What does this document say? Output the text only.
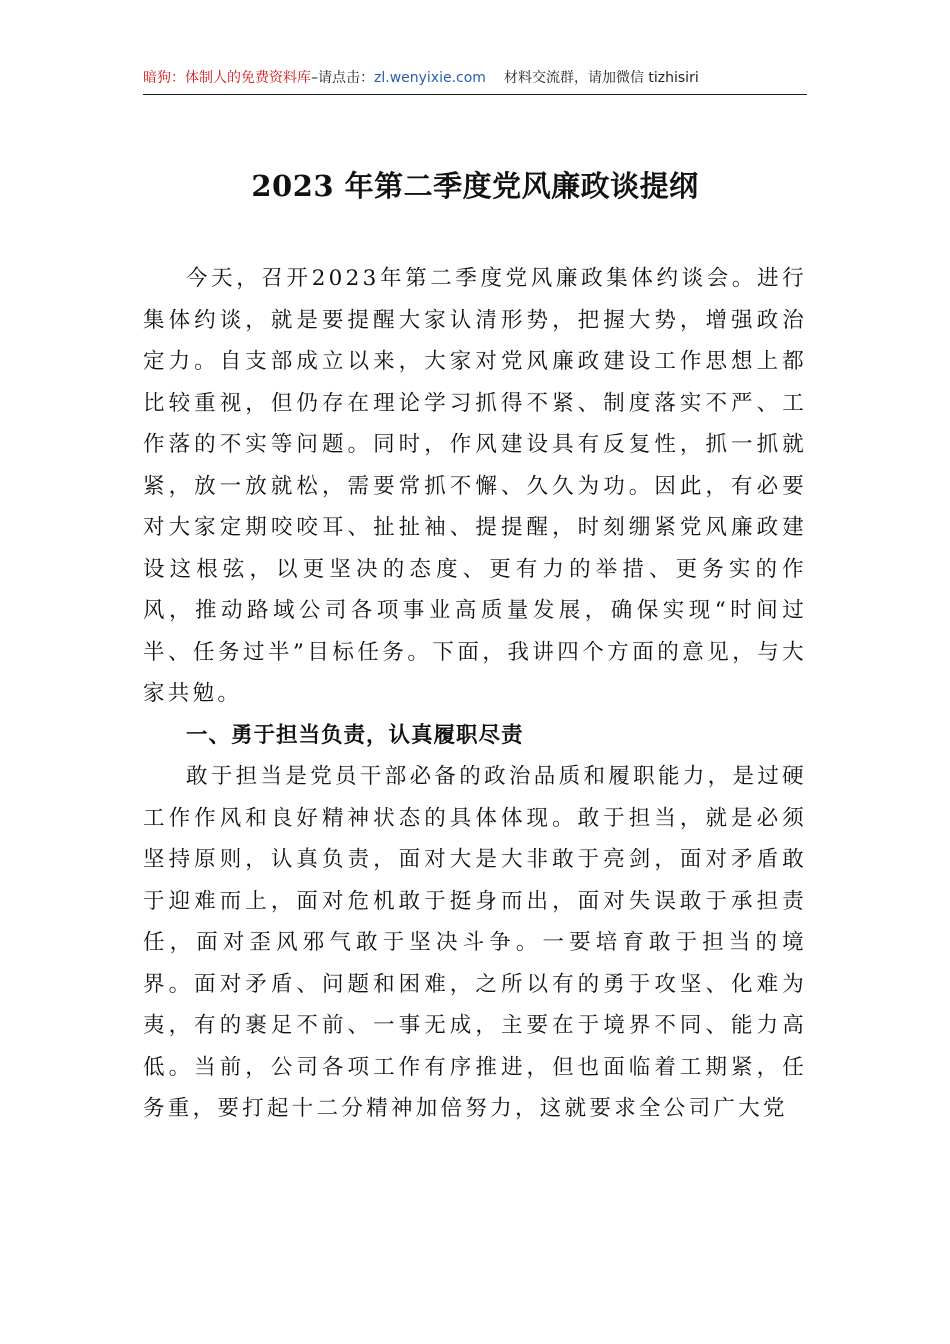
暗狗：体制人的免费资料库–请点击：zl.wenyixie.com 材料交流群，请加微信 tizhisiri
2023 年第二季度党风廉政谈提纲

今天，召开2023年第二季度党风廉政集体约谈会。进行集体约谈，就是要提醒大家认清形势，把握大势，增强政治定力。自支部成立以来，大家对党风廉政建设工作思想上都比较重视，但仍存在理论学习抓得不紧、制度落实不严、工作落的不实等问题。同时，作风建设具有反复性，抓一抓就紧，放一放就松，需要常抓不懈、久久为功。因此，有必要对大家定期咬咬耳、扯扯袖、提提醒，时刻绷紧党风廉政建设这根弦，以更坚决的态度、更有力的举措、更务实的作风，推动路域公司各项事业高质量发展，确保实现“时间过半、任务过半”目标任务。下面，我讲四个方面的意见，与大家共勉。

一、勇于担当负责，认真履职尽责

敢于担当是党员干部必备的政治品质和履职能力，是过硬工作作风和良好精神状态的具体体现。敢于担当，就是必须坚持原则，认真负责，面对大是大非敢于亮剑，面对矛盾敢于迎难而上，面对危机敢于挺身而出，面对失误敢于承担责任，面对歪风邪气敢于坚决斗争。一要培育敢于担当的境界。面对矛盾、问题和困难，之所以有的勇于攻坚、化难为夷，有的裹足不前、一事无成，主要在于境界不同、能力高低。当前，公司各项工作有序推进，但也面临着工期紧，任务重，要打起十二分精神加倍努力，这就要求全公司广大党
